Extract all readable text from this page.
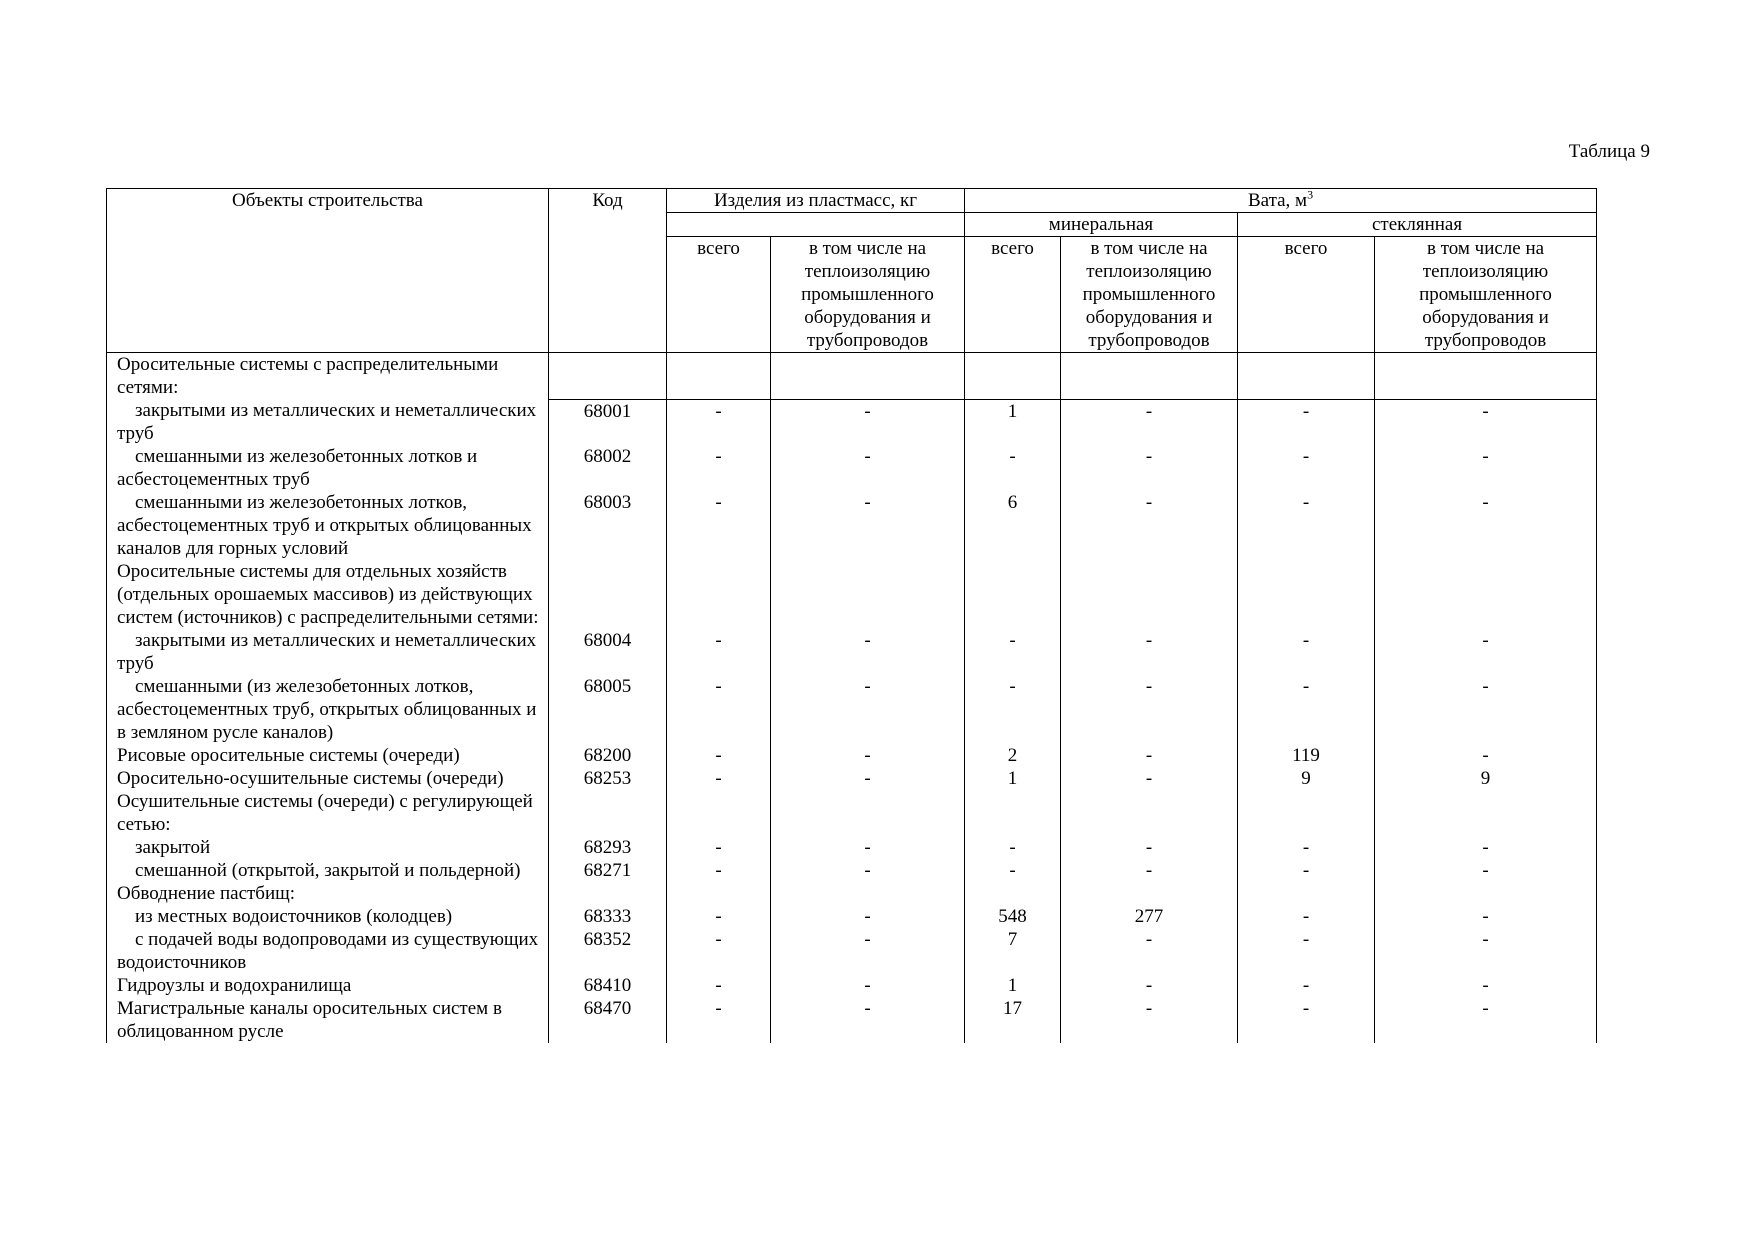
Таблица 9
Объекты строительства	Код	Изделия из пластмасс, кг		Вата, $м^3$
				минеральная		стеклянная	
		всего	в том числе на теплоизоляцию промышленного оборудования и трубопроводов	всего	в том числе на теплоизоляцию промышленного оборудования и трубопроводов	всего	в том числе на теплоизоляцию промышленного оборудования и трубопроводов
Оросительные системы с распределительными сетями:							
закрытыми из металлических и неметаллических труб	68001	-	-	1	-	-	-
смешанными из железобетонных лотков и асбестоцементных труб	68002	-	-	-	-	-	-
смешанными из железобетонных лотков, асбестоцементных труб и открытых облицованных каналов для горных условий	68003	-	-	6	-	-	-
Оросительные системы для отдельных хозяйств (отдельных орошаемых массивов) из действующих систем (источников) с распределительными сетями:							
закрытыми из металлических и неметаллических труб	68004	-	-	-	-	-	-
смешанными (из железобетонных лотков, асбестоцементных труб, открытых облицованных и в земляном русле каналов)	68005	-	-	-	-	-	-
Рисовые оросительные системы (очереди)	68200	-	-	2	-	119	-
Оросительно-осушительные системы (очереди)	68253	-	-	1	-	9	9
Осушительные системы (очереди) с регулирующей сетью:							
закрытой	68293	-	-	-	-	-	-
смешанной (открытой, закрытой и польдерной)	68271	-	-	-	-	-	-
Обводнение пастбищ:							
из местных водоисточников (колодцев)	68333	-	-	548	277	-	-
с подачей воды водопроводами из существующих водоисточников	68352	-	-	7	-	-	-
Гидроузлы и водохранилища	68410	-	-	1	-	-	-
Магистральные каналы оросительных систем в облицованном русле	68470	-	-	17	-	-	-
